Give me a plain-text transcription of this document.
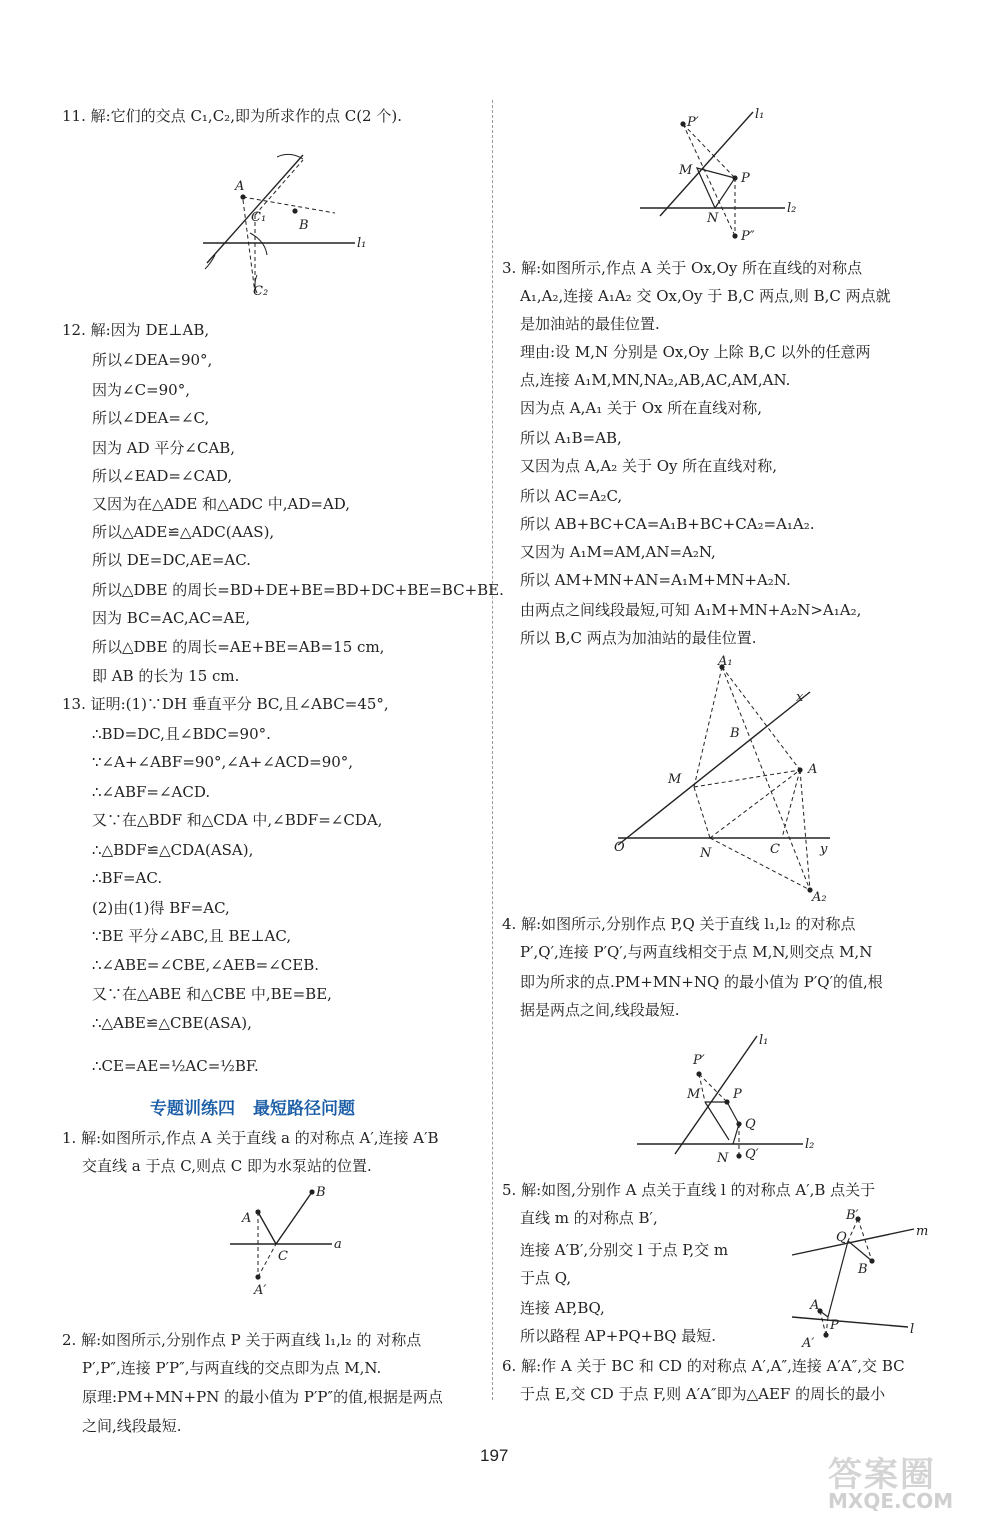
11. 解:它们的交点 C₁,C₂,即为所求作的点 C(2 个).
12. 解:因为 DE⊥AB,
所以∠DEA=90°,
因为∠C=90°,
所以∠DEA=∠C,
因为 AD 平分∠CAB,
所以∠EAD=∠CAD,
又因为在△ADE 和△ADC 中,AD=AD,
所以△ADE≌△ADC(AAS),
所以 DE=DC,AE=AC.
所以△DBE 的周长=BD+DE+BE=BD+DC+BE=BC+BE.
因为 BC=AC,AC=AE,
所以△DBE 的周长=AE+BE=AB=15 cm,
即 AB 的长为 15 cm.
13. 证明:(1)∵DH 垂直平分 BC,且∠ABC=45°,
∴BD=DC,且∠BDC=90°.
∵∠A+∠ABF=90°,∠A+∠ACD=90°,
∴∠ABF=∠ACD.
又∵在△BDF 和△CDA 中,∠BDF=∠CDA,
∴△BDF≌△CDA(ASA),
∴BF=AC.
(2)由(1)得 BF=AC,
∵BE 平分∠ABC,且 BE⊥AC,
∴∠ABE=∠CBE,∠AEB=∠CEB.
又∵在△ABE 和△CBE 中,BE=BE,
∴△ABE≌△CBE(ASA),
∴CE=AE=½AC=½BF.
1. 解:如图所示,作点 A 关于直线 a 的对称点 A′,连接 A′B
交直线 a 于点 C,则点 C 即为水泵站的位置.
2. 解:如图所示,分别作点 P 关于两直线 l₁,l₂ 的 对称点
P′,P″,连接 P′P″,与两直线的交点即为点 M,N.
原理:PM+MN+PN 的最小值为 P′P″的值,根据是两点
之间,线段最短.
3. 解:如图所示,作点 A 关于 Ox,Oy 所在直线的对称点
A₁,A₂,连接 A₁A₂ 交 Ox,Oy 于 B,C 两点,则 B,C 两点就
是加油站的最佳位置.
理由:设 M,N 分别是 Ox,Oy 上除 B,C 以外的任意两
点,连接 A₁M,MN,NA₂,AB,AC,AM,AN.
因为点 A,A₁ 关于 Ox 所在直线对称,
所以 A₁B=AB,
又因为点 A,A₂ 关于 Oy 所在直线对称,
所以 AC=A₂C,
所以 AB+BC+CA=A₁B+BC+CA₂=A₁A₂.
又因为 A₁M=AM,AN=A₂N,
所以 AM+MN+AN=A₁M+MN+A₂N.
由两点之间线段最短,可知 A₁M+MN+A₂N>A₁A₂,
所以 B,C 两点为加油站的最佳位置.
4. 解:如图所示,分别作点 P,Q 关于直线 l₁,l₂ 的对称点
P′,Q′,连接 P′Q′,与两直线相交于点 M,N,则交点 M,N
即为所求的点.PM+MN+NQ 的最小值为 P′Q′的值,根
据是两点之间,线段最短.
5. 解:如图,分别作 A 点关于直线 l 的对称点 A′,B 点关于
直线 m 的对称点 B′,
连接 A′B′,分别交 l 于点 P,交 m
于点 Q,
连接 AP,BQ,
所以路程 AP+PQ+BQ 最短.
6. 解:作 A 关于 BC 和 CD 的对称点 A′,A″,连接 A′A″,交 BC
于点 E,交 CD 于点 F,则 A′A″即为△AEF 的周长的最小
专题训练四 最短路径问题
A
C₁
B
l₁
C₂
P′
l₁
M
P
N
l₂
P″
A₁
x
B
A
M
O	N	C	y
A₂
P′
l₁
M	P
Q
N Q′
l₂
B
A
C
a
A′
B′
m
Q
B
A
P	l
A′
197	答案圈
MXQE.COM
